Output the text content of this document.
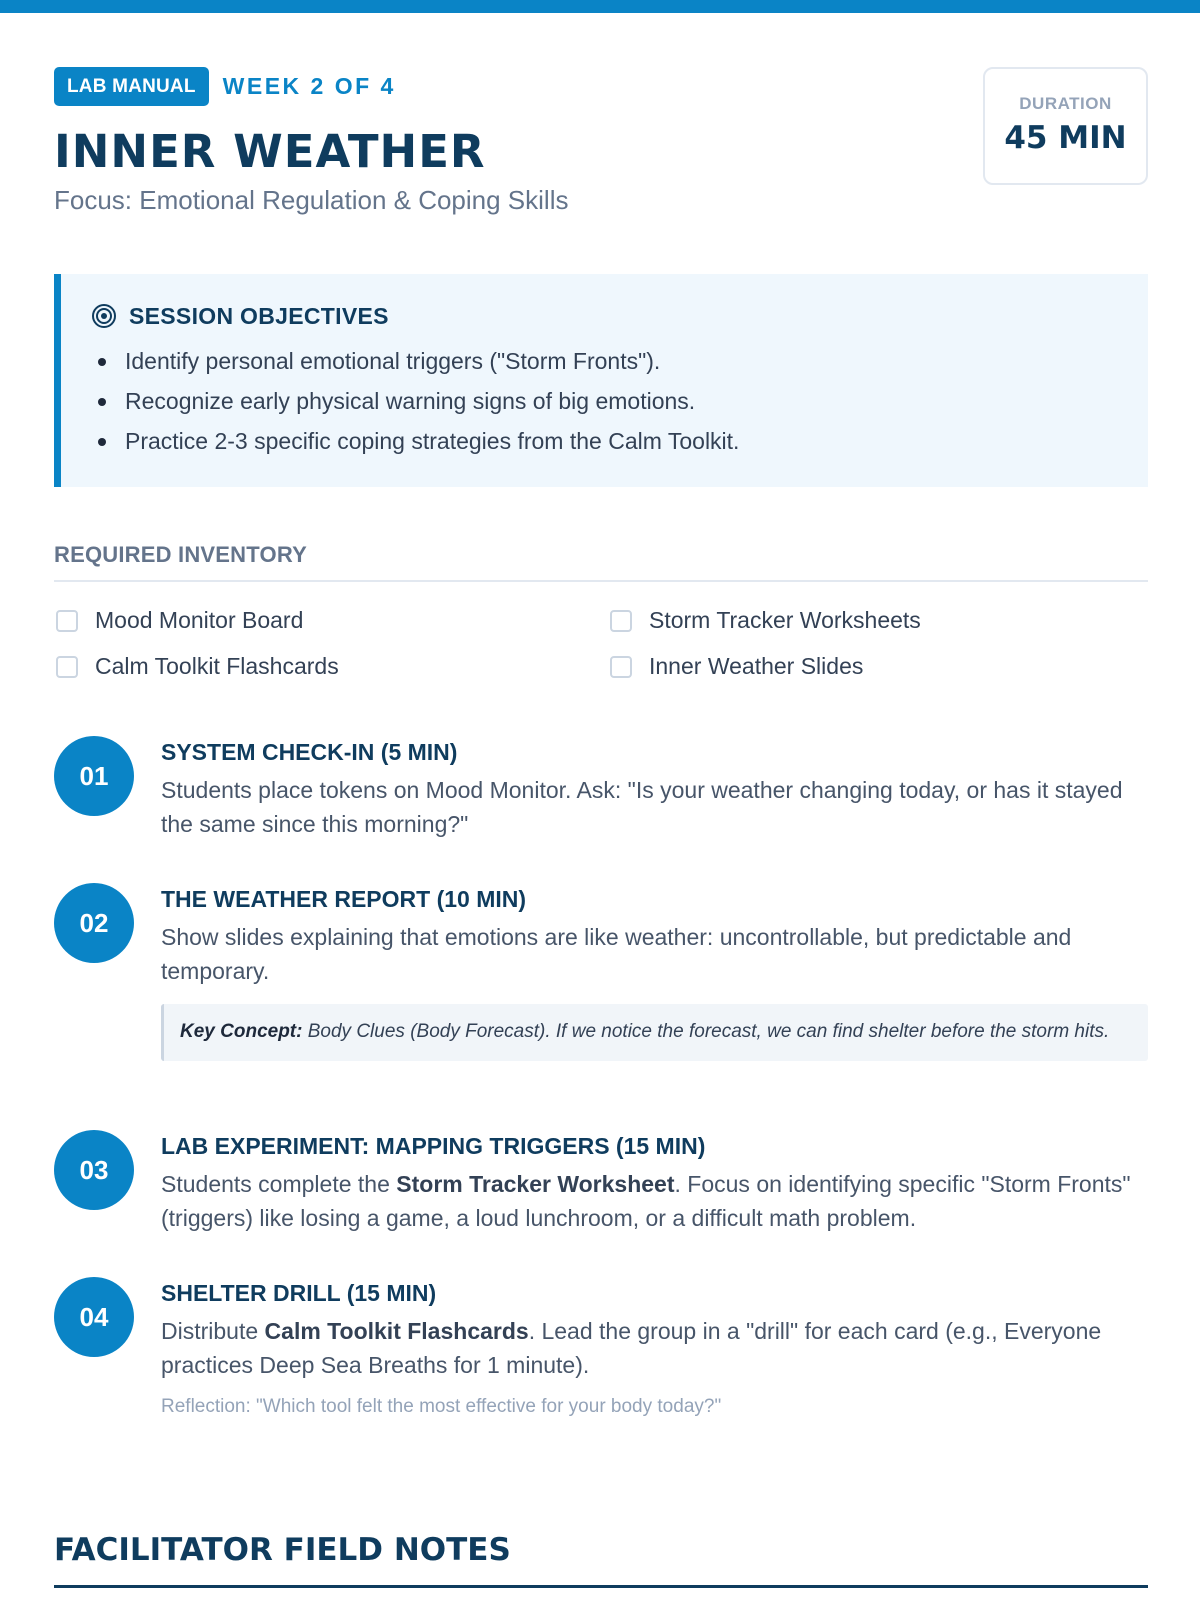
LAB MANUAL	WEEK 2 OF 4
INNER WEATHER
Focus: Emotional Regulation & Coping Skills
DURATION
45 MIN
SESSION OBJECTIVES
Identify personal emotional triggers ("Storm Fronts").
Recognize early physical warning signs of big emotions.
Practice 2-3 specific coping strategies from the Calm Toolkit.
REQUIRED INVENTORY
Mood Monitor Board	Storm Tracker Worksheets
Calm Toolkit Flashcards	Inner Weather Slides
01
SYSTEM CHECK-IN (5 MIN)
Students place tokens on Mood Monitor. Ask: "Is your weather changing today, or has it stayed the same since this morning?"
02
THE WEATHER REPORT (10 MIN)
Show slides explaining that emotions are like weather: uncontrollable, but predictable and temporary.
Key Concept: Body Clues (Body Forecast). If we notice the forecast, we can find shelter before the storm hits.
03
LAB EXPERIMENT: MAPPING TRIGGERS (15 MIN)
Students complete the Storm Tracker Worksheet. Focus on identifying specific "Storm Fronts" (triggers) like losing a game, a loud lunchroom, or a difficult math problem.
04
SHELTER DRILL (15 MIN)
Distribute Calm Toolkit Flashcards. Lead the group in a "drill" for each card (e.g., Everyone practices Deep Sea Breaths for 1 minute).
Reflection: "Which tool felt the most effective for your body today?"
FACILITATOR FIELD NOTES
